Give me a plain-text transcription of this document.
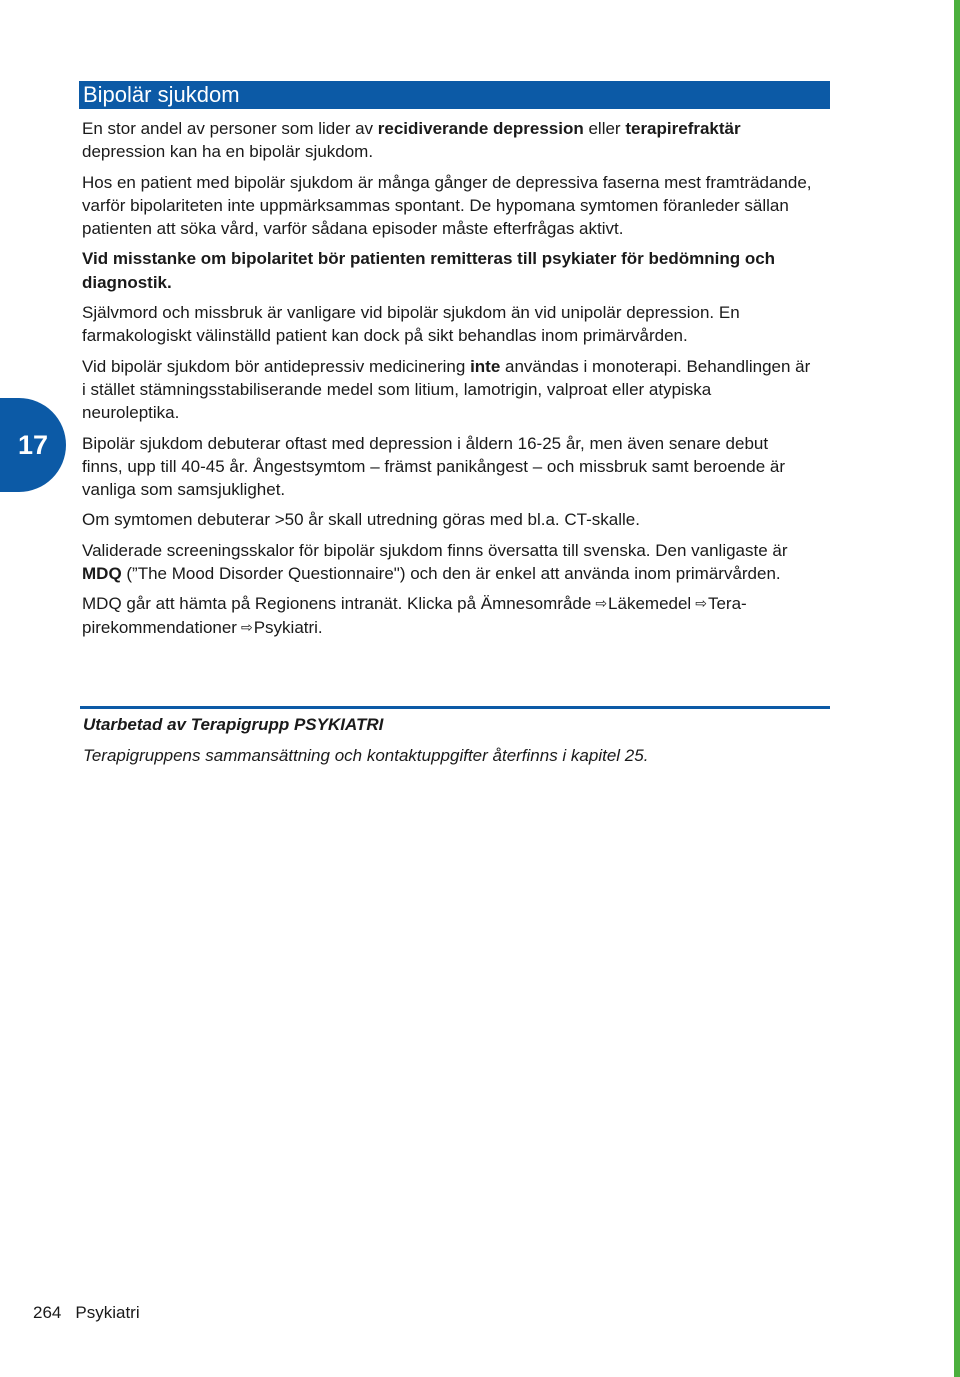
17
Bipolär sjukdom

En stor andel av personer som lider av recidiverande depression eller terapirefraktär depression kan ha en bipolär sjukdom.

Hos en patient med bipolär sjukdom är många gånger de depressiva faserna mest framträdande, varför bipolariteten inte uppmärksammas spontant. De hypomana symtomen föranleder sällan patienten att söka vård, varför sådana episoder måste efterfrågas aktivt.

Vid misstanke om bipolaritet bör patienten remitteras till psykiater för bedömning och diagnostik.

Självmord och missbruk är vanligare vid bipolär sjukdom än vid unipolär depression. En farmakologiskt välinställd patient kan dock på sikt behandlas inom primärvården.

Vid bipolär sjukdom bör antidepressiv medicinering inte användas i monoterapi. Behandlingen är i stället stämningsstabiliserande medel som litium, lamotrigin, valproat eller atypiska neuroleptika.

Bipolär sjukdom debuterar oftast med depression i åldern 16-25 år, men även senare debut finns, upp till 40-45 år. Ångestsymtom – främst panikångest – och missbruk samt beroende är vanliga som samsjuklighet.

Om symtomen debuterar >50 år skall utredning göras med bl.a. CT-skalle.

Validerade screeningsskalor för bipolär sjukdom finns översatta till svenska. Den vanligaste är MDQ (”The Mood Disorder Questionnaire") och den är enkel att använda inom primärvården.

MDQ går att hämta på Regionens intranät. Klicka på Ämnesområde ⇨Läkemedel ⇨Terapirekommendationer ⇨Psykiatri.

Utarbetad av Terapigrupp PSYKIATRI
Terapigruppens sammansättning och kontaktuppgifter återfinns i kapitel 25.
264 Psykiatri
